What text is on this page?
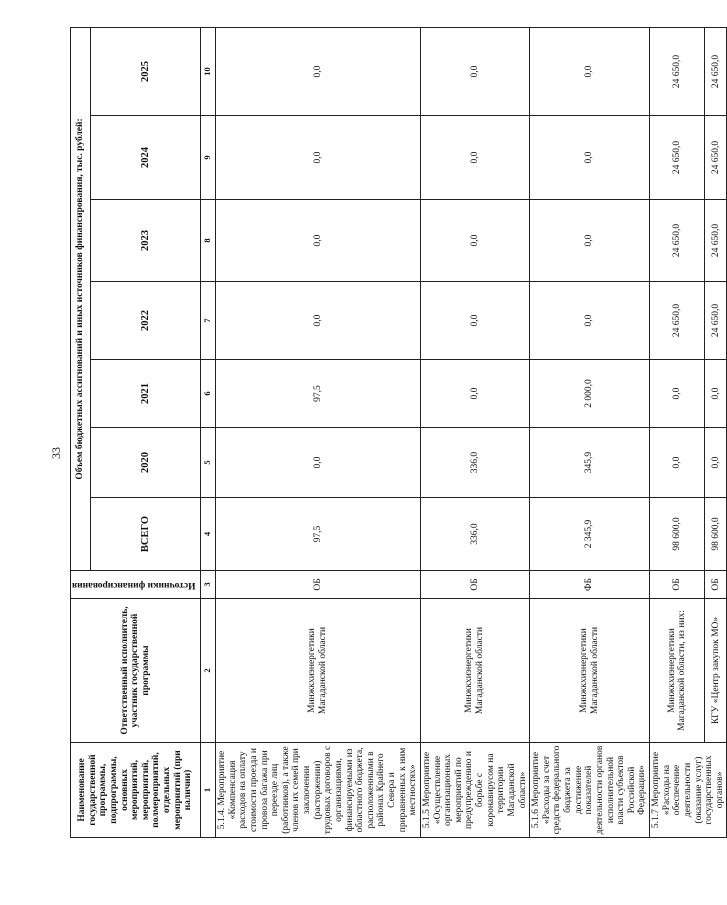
33
Наименование государственной программы, подпрограммы, основных мероприятий, мероприятий, полмероприятий, отдельных мероприятий (при наличии)	Ответственный исполнитель, участник государственной программы	Источники финансирования	Объем бюджетных ассигнований и иных источников финансирования, тыс. рублей:						
			ВСЕГО	2020	2021	2022	2023	2024	2025
1	2	3	4	5	6	7	8	9	10
5.1.4. Мероприятие «Компенсация расходов на оплату стоимости проезда и провоза багажа при переезде лиц (работников), а также членов их семей при заключении (расторжении) трудовых договоров с организациями, финансируемыми из областного бюджета, расположенными в районах Крайнего Севера и приравненных к ним местностях»	Минжкхиэнергетики Магаданской области	ОБ	97,5	0,0	97,5	0,0	0,0	0,0	0,0
5.1.5 Мероприятие «Осуществление организационных мероприятий по предупреждению и борьбе с коронавирусом на территории Магаданской области»	Минжкхиэнергетики Магаданской области	ОБ	336,0	336,0	0,0	0,0	0,0	0,0	0,0
5.1.6 Мероприятие «Расходы за счет средств федерального бюджета за достижение показателей деятельности органов исполнительной власти субъектов Российской Федерации»	Минжкхиэнергетики Магаданской области	ФБ	2 345,9	345,9	2 000,0	0,0	0,0	0,0	0,0
5.1.7 Мероприятие «Расходы на обеспечение деятельности (оказание услуг) государственных органов»	Минжкхиэнергетики Магаданской области, из них:	ОБ	98 600,0	0,0	0,0	24 650,0	24 650,0	24 650,0	24 650,0
	КГУ «Центр закупок МО»	ОБ	98 600,0	0,0	0,0	24 650,0	24 650,0	24 650,0	24 650,0
